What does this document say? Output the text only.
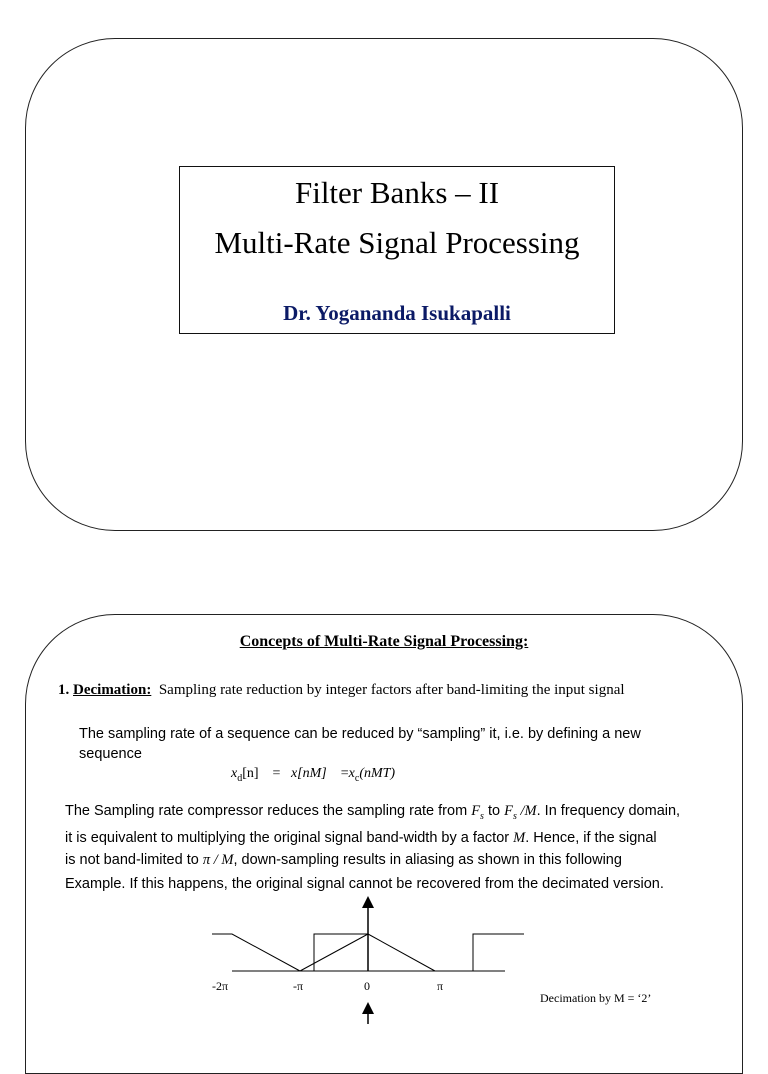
Filter Banks – II
Multi-Rate Signal Processing
Dr. Yogananda Isukapalli
Concepts of Multi-Rate Signal Processing:
1. Decimation: Sampling rate reduction by integer factors after band-limiting the input signal
The sampling rate of a sequence can be reduced by “sampling” it, i.e. by defining a new
sequence
$x_d[n] = x[nM] =x_c(nMT)$
The Sampling rate compressor reduces the sampling rate from $F_s$ to $F_s$ /M. In frequency domain,
it is equivalent to multiplying the original signal band-width by a factor M. Hence, if the signal
is not band-limited to π / M, down-sampling results in aliasing as shown in this following
Example. If this happens, the original signal cannot be recovered from the decimated version.
-2π	-π	0	π
Decimation by M = ‘2’
